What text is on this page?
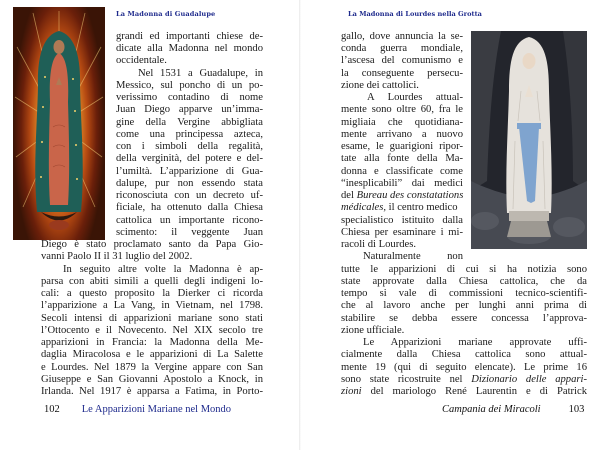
La Madonna di Guadalupe
grandi ed importanti chiese de-
dicate alla Madonna nel mondo
occidentale.
Nel 1531 a Guadalupe, in
Messico, sul poncho di un po-
verissimo contadino di nome
Juan Diego apparve un’imma-
gine della Vergine abbigliata
come una principessa azteca,
con i simboli della regalità,
della verginità, del potere e del-
l’umiltà. L’apparizione di Gua-
dalupe, pur non essendo stata
riconosciuta con un decreto uf-
ficiale, ha ottenuto dalla Chiesa
cattolica un importante ricono-
scimento: il veggente Juan
Diego è stato proclamato santo da Papa Gio-
vanni Paolo II il 31 luglio del 2002.
In seguito altre volte la Madonna è ap-
parsa con abiti simili a quelli degli indigeni lo-
cali: a questo proposito la Dierker ci ricorda
l’apparizione a La Vang, in Vietnam, nel 1798.
Secoli intensi di apparizioni mariane sono stati
l’Ottocento e il Novecento. Nel XIX secolo tre
apparizioni in Francia: la Madonna della Me-
daglia Miracolosa e le apparizioni di La Salette
e Lourdes. Nel 1879 la Vergine appare con San
Giuseppe e San Giovanni Apostolo a Knock, in
Irlanda. Nel 1917 è apparsa a Fatima, in Porto-
102 Le Apparizioni Mariane nel Mondo
La Madonna di Lourdes nella Grotta
gallo, dove annuncia la se-
conda guerra mondiale,
l’ascesa del comunismo e
la conseguente persecu-
zione dei cattolici.
A Lourdes attual-
mente sono oltre 60, fra le
migliaia che quotidiana-
mente arrivano a nuovo
esame, le guarigioni ripor-
tate alla fonte della Ma-
donna e classificate come
“inesplicabili” dai medici
del Bureau des constatations
médicales, il centro medico
specialistico istituito dalla
Chiesa per esaminare i mi-
racoli di Lourdes.
Naturalmente non
tutte le apparizioni di cui si ha notizia sono
state approvate dalla Chiesa cattolica, che da
tempo si vale di commissioni tecnico-scientifi-
che al lavoro anche per lunghi anni prima di
stabilire se debba essere concessa l’approva-
zione ufficiale.
Le Apparizioni mariane approvate uffi-
cialmente dalla Chiesa cattolica sono attual-
mente 19 (qui di seguito elencate). Le prime 16
sono state ricostruite nel Dizionario delle appari-
zioni del mariologo René Laurentin e di Patrick
Campania dei Miracoli	103
